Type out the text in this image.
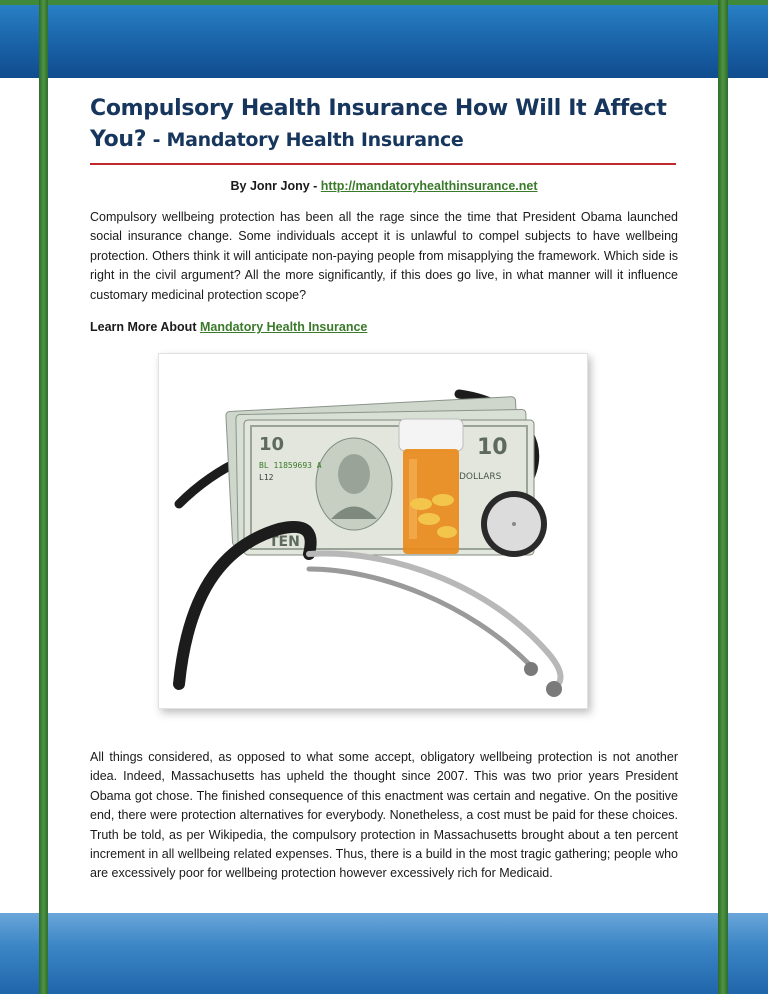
Compulsory Health Insurance How Will It Affect You? - Mandatory Health Insurance
By Jonr Jony - http://mandatoryhealthinsurance.net

Compulsory wellbeing protection has been all the rage since the time that President Obama launched social insurance change. Some individuals accept it is unlawful to compel subjects to have wellbeing protection. Others think it will anticipate non-paying people from misapplying the framework. Which side is right in the civil argument? All the more significantly, if this does go live, in what manner will it influence customary medicinal protection scope?

Learn More About Mandatory Health Insurance
10
BL 11859693 A
L12
TEN
10
DOLLARS

All things considered, as opposed to what some accept, obligatory wellbeing protection is not another idea. Indeed, Massachusetts has upheld the thought since 2007. This was two prior years President Obama got chose. The finished consequence of this enactment was certain and negative. On the positive end, there were protection alternatives for everybody. Nonetheless, a cost must be paid for these choices. Truth be told, as per Wikipedia, the compulsory protection in Massachusetts brought about a ten percent increment in all wellbeing related expenses. Thus, there is a build in the most tragic gathering; people who are excessively poor for wellbeing protection however excessively rich for Medicaid.
